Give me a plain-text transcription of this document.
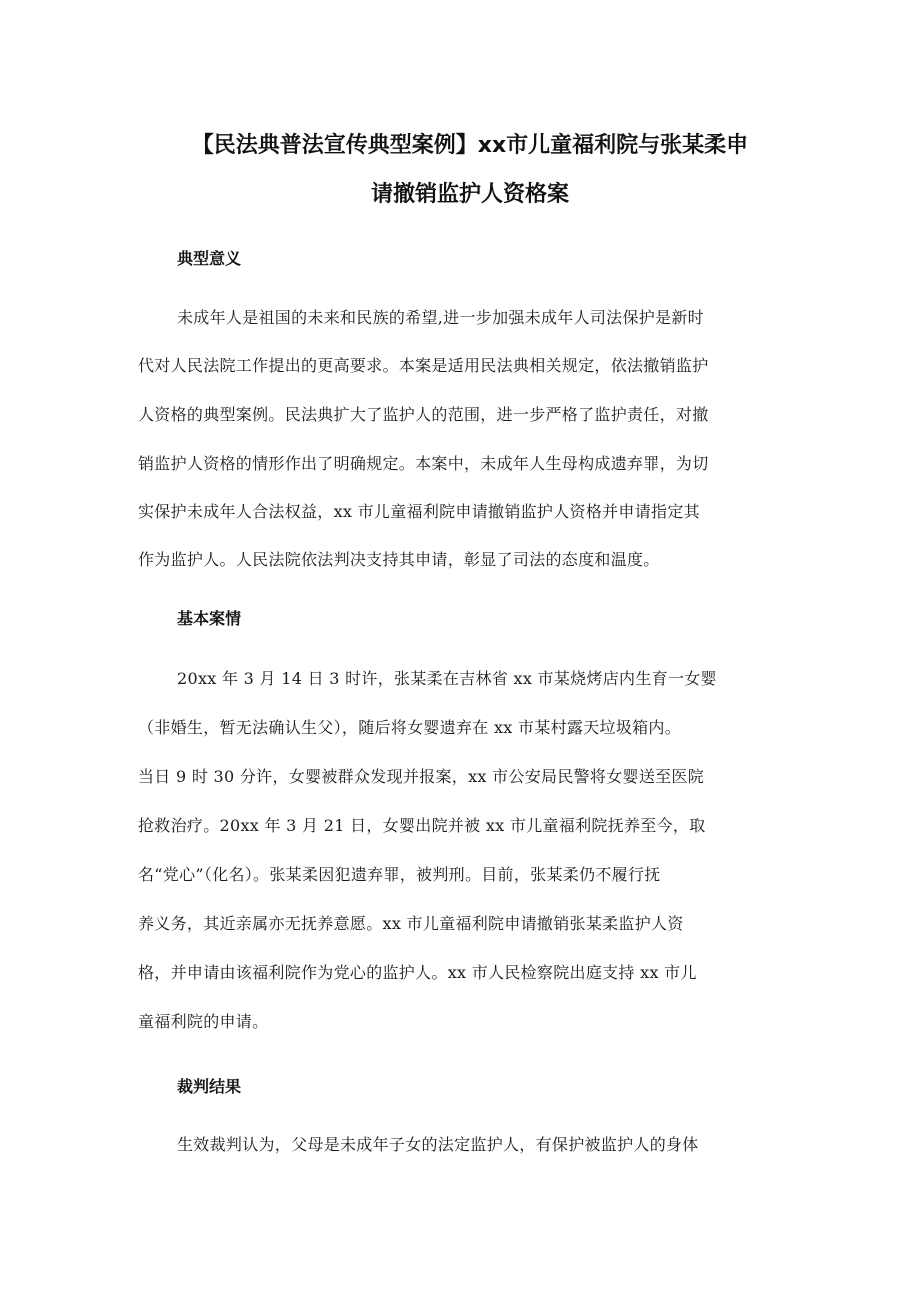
【民法典普法宣传典型案例】xx市儿童福利院与张某柔申
请撤销监护人资格案
典型意义
未成年人是祖国的未来和民族的希望,进一步加强未成年人司法保护是新时
代对人民法院工作提出的更高要求。本案是适用民法典相关规定，依法撤销监护
人资格的典型案例。民法典扩大了监护人的范围，进一步严格了监护责任，对撤
销监护人资格的情形作出了明确规定。本案中，未成年人生母构成遗弃罪，为切
实保护未成年人合法权益，xx 市儿童福利院申请撤销监护人资格并申请指定其
作为监护人。人民法院依法判决支持其申请，彰显了司法的态度和温度。
基本案情
20xx 年 3 月 14 日 3 时许，张某柔在吉林省 xx 市某烧烤店内生育一女婴
（非婚生，暂无法确认生父），随后将女婴遗弃在 xx 市某村露天垃圾箱内。
当日 9 时 30 分许，女婴被群众发现并报案，xx 市公安局民警将女婴送至医院
抢救治疗。20xx 年 3 月 21 日，女婴出院并被 xx 市儿童福利院抚养至今，取
名“党心”（化名）。张某柔因犯遗弃罪，被判刑。目前，张某柔仍不履行抚
养义务，其近亲属亦无抚养意愿。xx 市儿童福利院申请撤销张某柔监护人资
格，并申请由该福利院作为党心的监护人。xx 市人民检察院出庭支持 xx 市儿
童福利院的申请。
裁判结果
生效裁判认为，父母是未成年子女的法定监护人，有保护被监护人的身体
